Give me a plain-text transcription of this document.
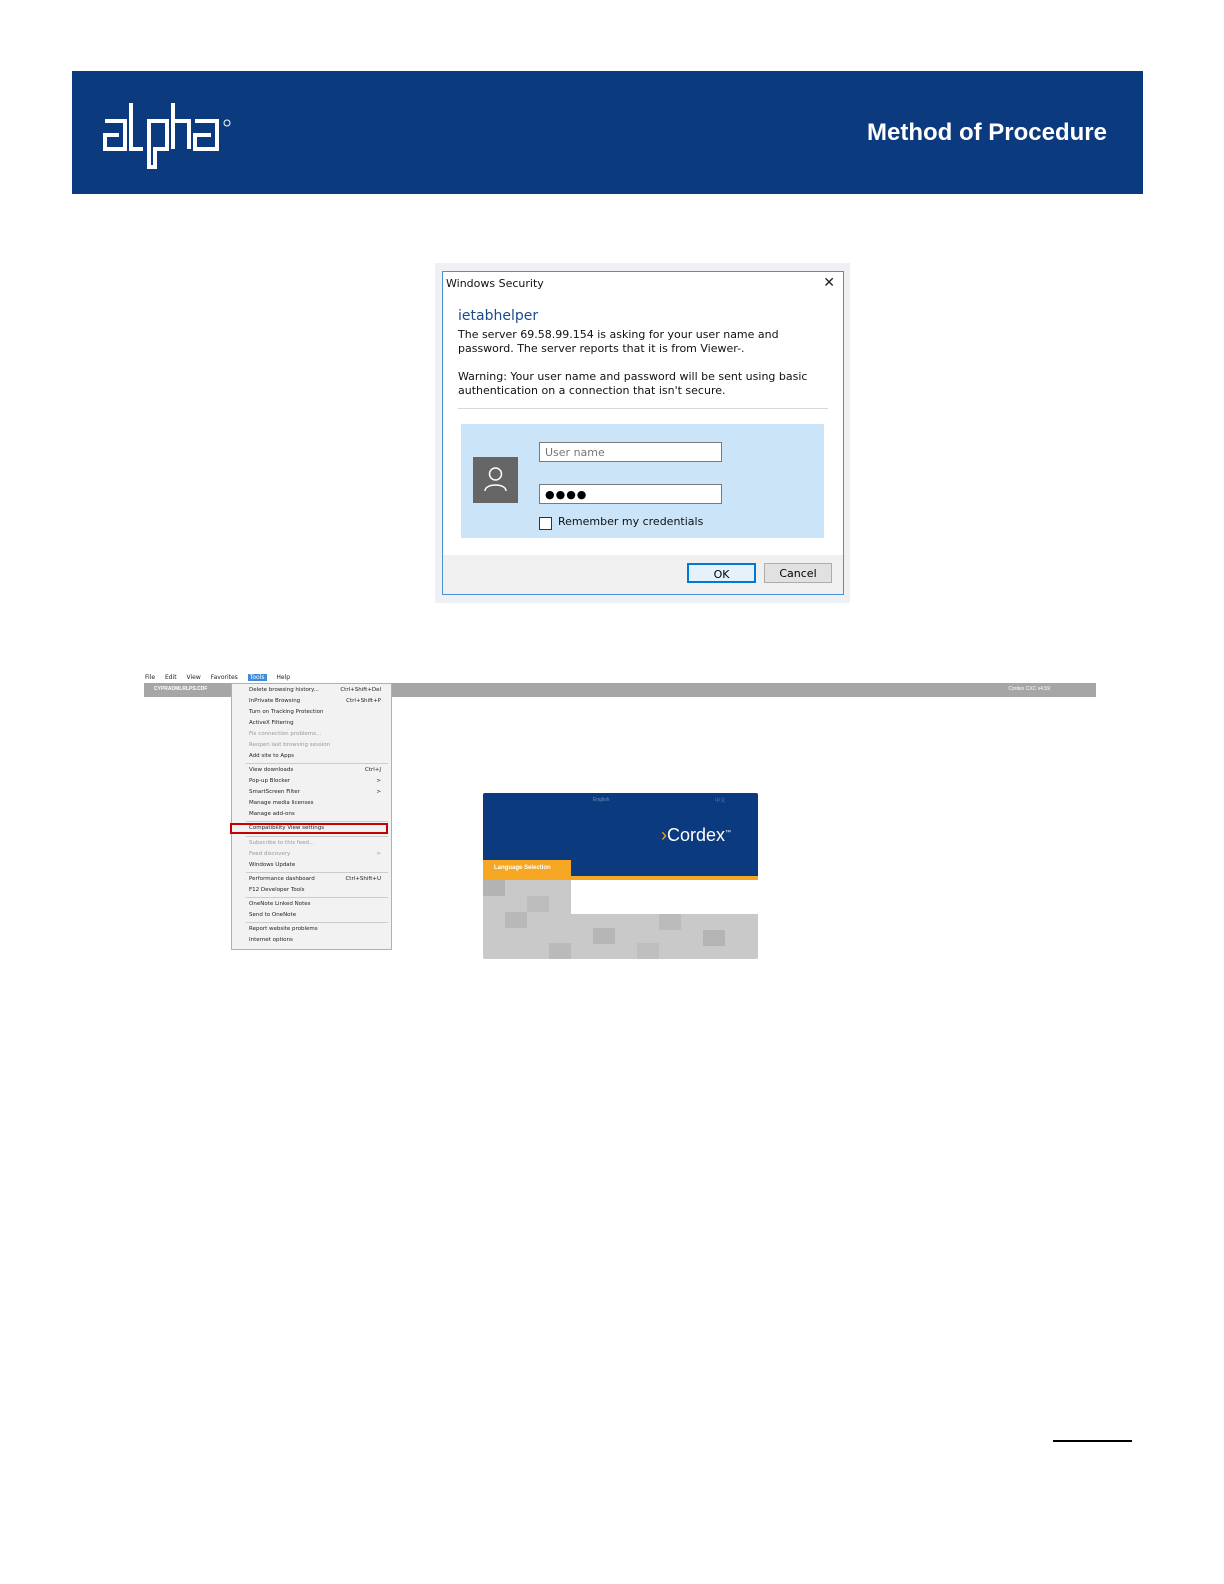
Method of Procedure
Windows Security	✕
ietabhelper
The server 69.58.99.154 is asking for your user name and password. The server reports that it is from Viewer-.
Warning: Your user name and password will be sent using basic authentication on a connection that isn't secure.
User name
●●●●
Remember my credentials
OK	Cancel
File Edit View Favorites Tools Help
CYPRADMLRLPS.CDF	Cordex CXC v4.59
Delete browsing history...	Ctrl+Shift+Del
InPrivate Browsing	Ctrl+Shift+P
Turn on Tracking Protection
ActiveX Filtering
Fix connection problems...
Reopen last browsing session
Add site to Apps
View downloads	Ctrl+J
Pop-up Blocker	>
SmartScreen Filter	>
Manage media licenses
Manage add-ons
Compatibility View settings
Subscribe to this feed...
Feed discovery	>
Windows Update
Performance dashboard	Ctrl+Shift+U
F12 Developer Tools
OneNote Linked Notes
Send to OneNote
Report website problems
Internet options
English	中文
›Cordex™
Language Selection
